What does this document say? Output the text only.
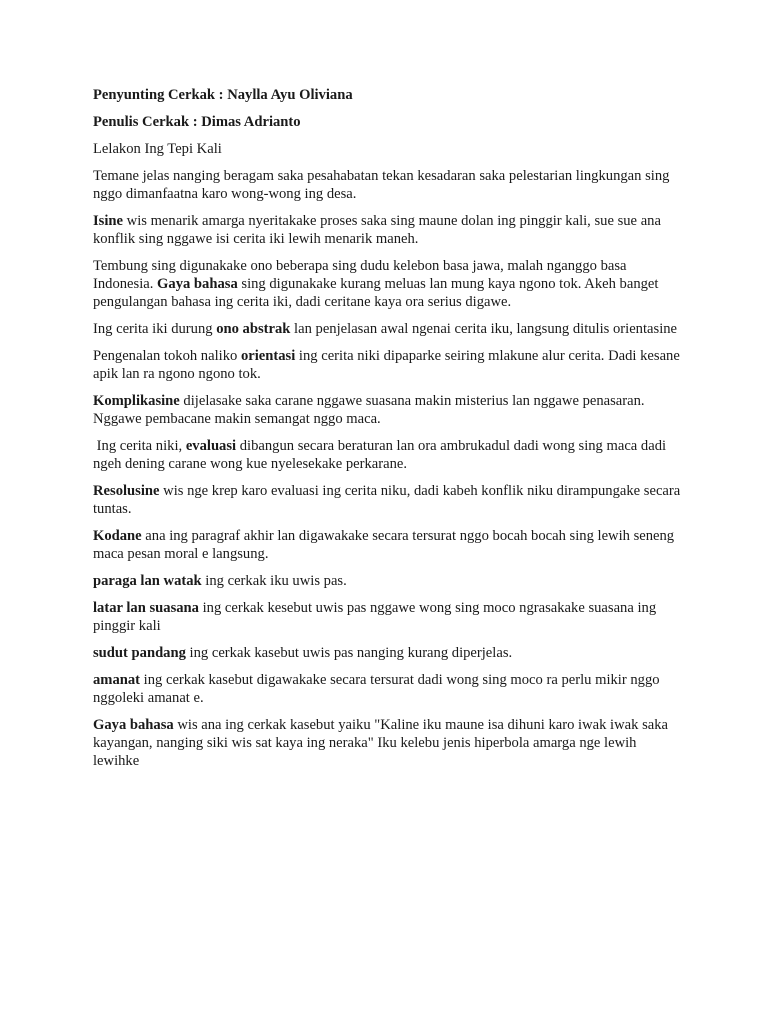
Penyunting Cerkak : Naylla Ayu Oliviana

Penulis Cerkak : Dimas Adrianto

Lelakon Ing Tepi Kali

Temane jelas nanging beragam saka pesahabatan tekan kesadaran saka pelestarian lingkungan sing nggo dimanfaatna karo wong-wong ing desa.

Isine wis menarik amarga nyeritakake proses saka sing maune dolan ing pinggir kali, sue sue ana konflik sing nggawe isi cerita iki lewih menarik maneh.

Tembung sing digunakake ono beberapa sing dudu kelebon basa jawa, malah nganggo basa Indonesia. Gaya bahasa sing digunakake kurang meluas lan mung kaya ngono tok. Akeh banget pengulangan bahasa ing cerita iki, dadi ceritane kaya ora serius digawe.

Ing cerita iki durung ono abstrak lan penjelasan awal ngenai cerita iku, langsung ditulis orientasine

Pengenalan tokoh naliko orientasi ing cerita niki dipaparke seiring mlakune alur cerita. Dadi kesane apik lan ra ngono ngono tok.

Komplikasine dijelasake saka carane nggawe suasana makin misterius lan nggawe penasaran. Nggawe pembacane makin semangat nggo maca.

Ing cerita niki, evaluasi dibangun secara beraturan lan ora ambrukadul dadi wong sing maca dadi ngeh dening carane wong kue nyelesekake perkarane.

Resolusine wis nge krep karo evaluasi ing cerita niku, dadi kabeh konflik niku dirampungake secara tuntas.

Kodane ana ing paragraf akhir lan digawakake secara tersurat nggo bocah bocah sing lewih seneng maca pesan moral e langsung.

paraga lan watak ing cerkak iku uwis pas.

latar lan suasana ing cerkak kesebut uwis pas nggawe wong sing moco ngrasakake suasana ing pinggir kali

sudut pandang ing cerkak kasebut uwis pas nanging kurang diperjelas.

amanat ing cerkak kasebut digawakake secara tersurat dadi wong sing moco ra perlu mikir nggo nggoleki amanat e.

Gaya bahasa wis ana ing cerkak kasebut yaiku "Kaline iku maune isa dihuni karo iwak iwak saka kayangan, nanging siki wis sat kaya ing neraka" Iku kelebu jenis hiperbola amarga nge lewih lewihke
